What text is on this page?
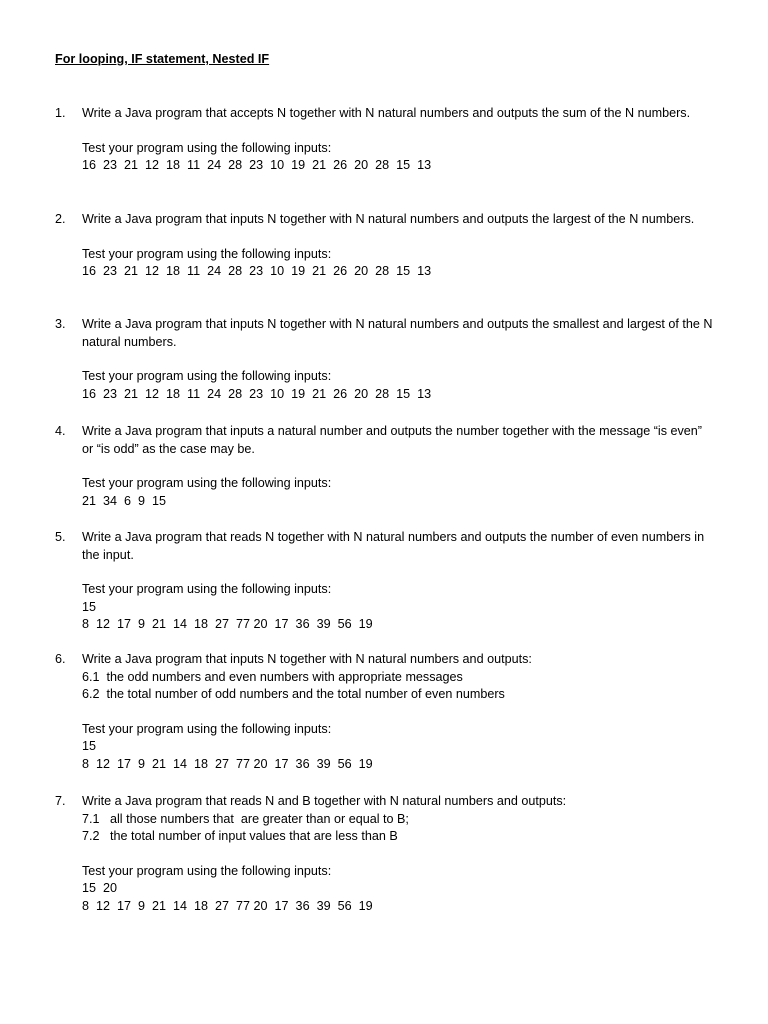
For looping, IF statement, Nested IF
1.	Write a Java program that accepts N together with N natural numbers and outputs the sum of the N numbers.
Test your program using the following inputs:
16  23  21  12  18  11  24  28  23  10  19  21  26  20  28  15  13
2.	Write a Java program that inputs N together with N natural numbers and outputs the largest of the N numbers.
Test your program using the following inputs:
16  23  21  12  18  11  24  28  23  10  19  21  26  20  28  15  13
3.	Write a Java program that inputs N together with N natural numbers and outputs the smallest and largest of the N natural numbers.
Test your program using the following inputs:
16  23  21  12  18  11  24  28  23  10  19  21  26  20  28  15  13
4.	Write a Java program that inputs a natural number and outputs the number together with the message “is even” or “is odd” as the case may be.
Test your program using the following inputs:
21  34  6  9  15
5.	Write a Java program that reads N together with N natural numbers and outputs the number of even numbers in the input.
Test your program using the following inputs:
15
8  12  17  9  21  14  18  27  77 20  17  36  39  56  19
6.	Write a Java program that inputs N together with N natural numbers and outputs:
6.1  the odd numbers and even numbers with appropriate messages
6.2  the total number of odd numbers and the total number of even numbers
Test your program using the following inputs:
15
8  12  17  9  21  14  18  27  77 20  17  36  39  56  19
7.	Write a Java program that reads N and B together with N natural numbers and outputs:
7.1   all those numbers that  are greater than or equal to B;
7.2   the total number of input values that are less than B
Test your program using the following inputs:
15  20
8  12  17  9  21  14  18  27  77 20  17  36  39  56  19
